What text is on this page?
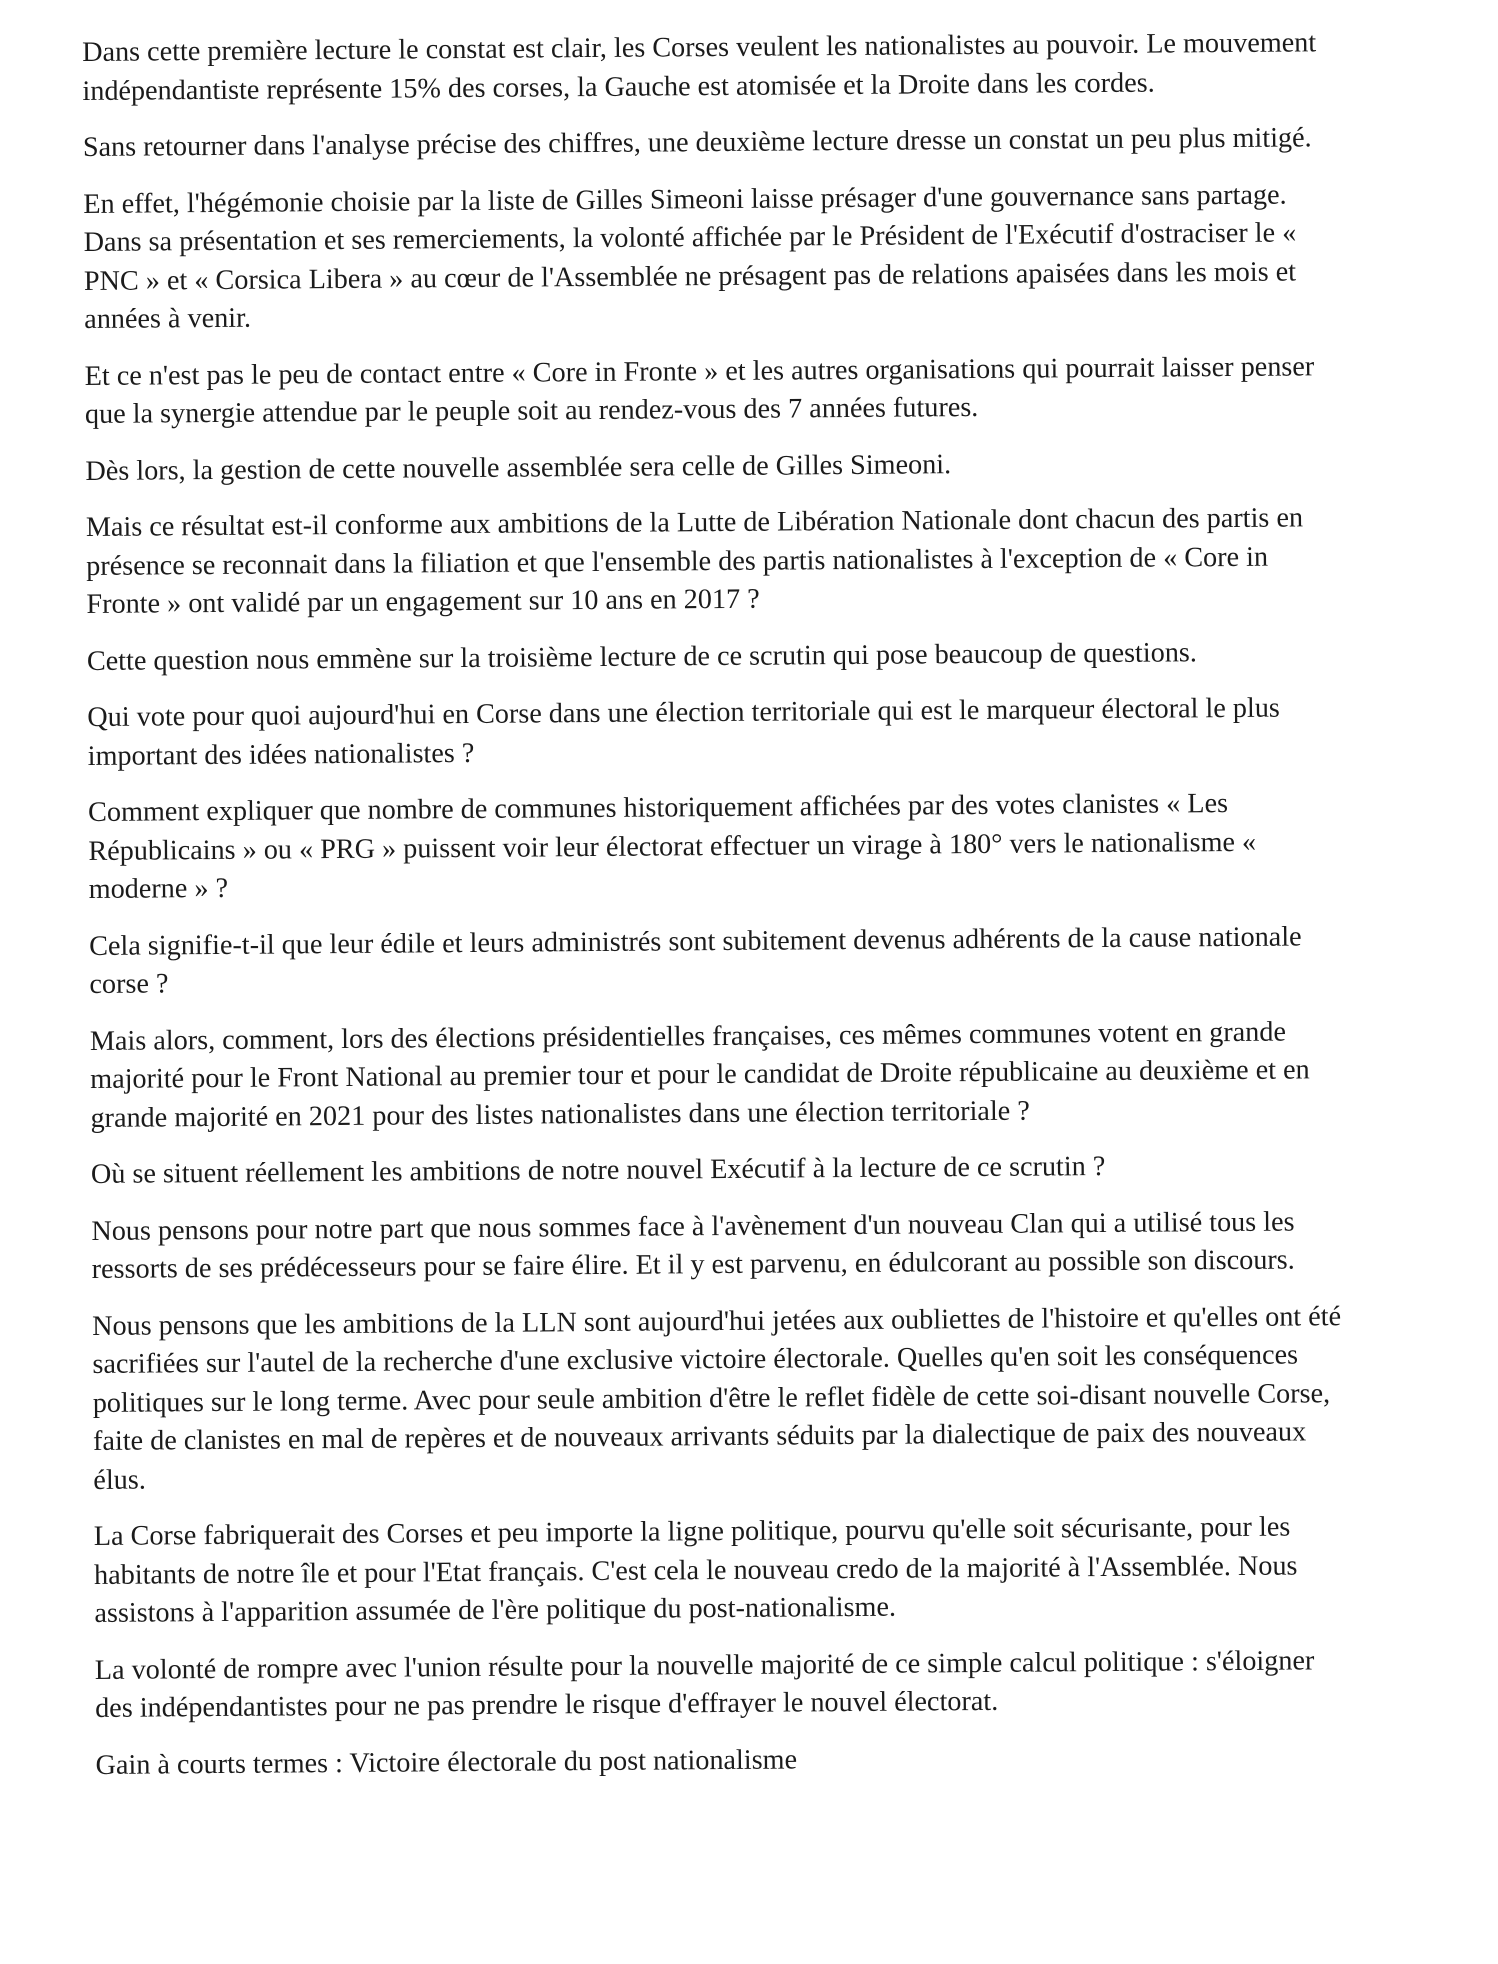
Dans cette première lecture le constat est clair, les Corses veulent les nationalistes au pouvoir. Le mouvement indépendantiste représente 15% des corses, la Gauche est atomisée et la Droite dans les cordes.

Sans retourner dans l'analyse précise des chiffres, une deuxième lecture dresse un constat un peu plus mitigé.

En effet, l'hégémonie choisie par la liste de Gilles Simeoni laisse présager d'une gouvernance sans partage. Dans sa présentation et ses remerciements, la volonté affichée par le Président de l'Exécutif d'ostraciser le « PNC » et « Corsica Libera » au cœur de l'Assemblée ne présagent pas de relations apaisées dans les mois et années à venir.

Et ce n'est pas le peu de contact entre « Core in Fronte » et les autres organisations qui pourrait laisser penser que la synergie attendue par le peuple soit au rendez-vous des 7 années futures.

Dès lors, la gestion de cette nouvelle assemblée sera celle de Gilles Simeoni.

Mais ce résultat est-il conforme aux ambitions de la Lutte de Libération Nationale dont chacun des partis en présence se reconnait dans la filiation et que l'ensemble des partis nationalistes à l'exception de « Core in Fronte » ont validé par un engagement sur 10 ans en 2017 ?

Cette question nous emmène sur la troisième lecture de ce scrutin qui pose beaucoup de questions.

Qui vote pour quoi aujourd'hui en Corse dans une élection territoriale qui est le marqueur électoral le plus important des idées nationalistes ?

Comment expliquer que nombre de communes historiquement affichées par des votes clanistes « Les Républicains » ou « PRG » puissent voir leur électorat effectuer un virage à 180° vers le nationalisme « moderne » ?

Cela signifie-t-il que leur édile et leurs administrés sont subitement devenus adhérents de la cause nationale corse ?

Mais alors, comment, lors des élections présidentielles françaises, ces mêmes communes votent en grande majorité pour le Front National au premier tour et pour le candidat de Droite républicaine au deuxième et en grande majorité en 2021 pour des listes nationalistes dans une élection territoriale ?

Où se situent réellement les ambitions de notre nouvel Exécutif à la lecture de ce scrutin ?

Nous pensons pour notre part que nous sommes face à l'avènement d'un nouveau Clan qui a utilisé tous les ressorts de ses prédécesseurs pour se faire élire. Et il y est parvenu, en édulcorant au possible son discours.

Nous pensons que les ambitions de la LLN sont aujourd'hui jetées aux oubliettes de l'histoire et qu'elles ont été sacrifiées sur l'autel de la recherche d'une exclusive victoire électorale. Quelles qu'en soit les conséquences politiques sur le long terme. Avec pour seule ambition d'être le reflet fidèle de cette soi-disant nouvelle Corse, faite de clanistes en mal de repères et de nouveaux arrivants séduits par la dialectique de paix des nouveaux élus.

La Corse fabriquerait des Corses et peu importe la ligne politique, pourvu qu'elle soit sécurisante, pour les habitants de notre île et pour l'Etat français. C'est cela le nouveau credo de la majorité à l'Assemblée. Nous assistons à l'apparition assumée de l'ère politique du post-nationalisme.

La volonté de rompre avec l'union résulte pour la nouvelle majorité de ce simple calcul politique : s'éloigner des indépendantistes pour ne pas prendre le risque d'effrayer le nouvel électorat.

Gain à courts termes : Victoire électorale du post nationalisme
